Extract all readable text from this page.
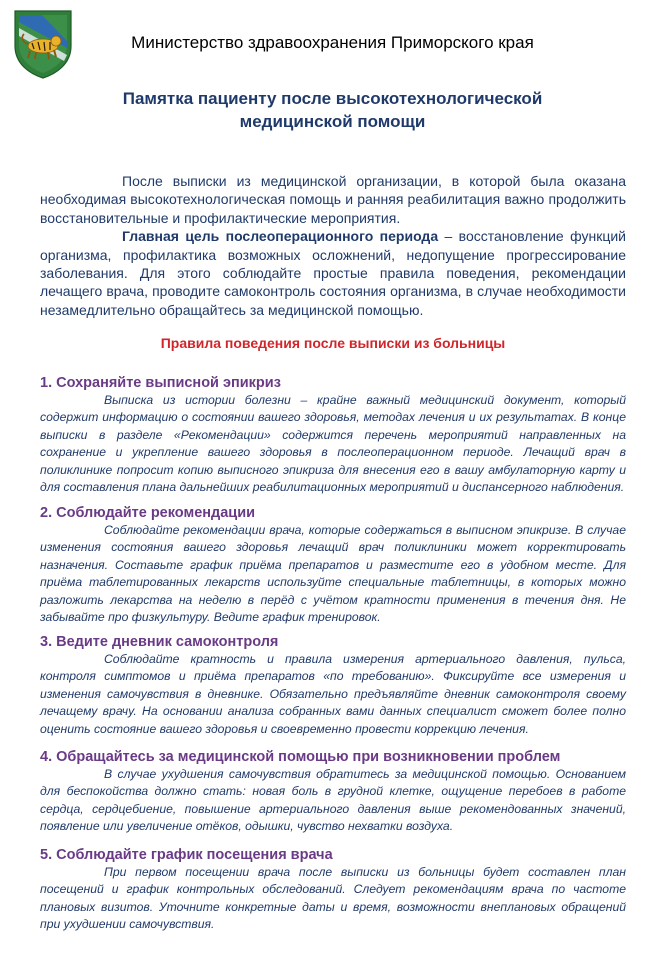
Министерство здравоохранения Приморского края
Памятка пациенту после высокотехнологической
медицинской помощи

После выписки из медицинской организации, в которой была оказана необходимая высокотехнологическая помощь и ранняя реабилитация важно продолжить восстановительные и профилактические мероприятия.

Главная цель послеоперационного периода – восстановление функций организма, профилактика возможных осложнений, недопущение прогрессирование заболевания. Для этого соблюдайте простые правила поведения, рекомендации лечащего врача, проводите самоконтроль состояния организма, в случае необходимости незамедлительно обращайтесь за медицинской помощью.

Правила поведения после выписки из больницы
1. Сохраняйте выписной эпикриз

Выписка из истории болезни – крайне важный медицинский документ, который содержит информацию о состоянии вашего здоровья, методах лечения и их результатах. В конце выписки в разделе «Рекомендации» содержится перечень мероприятий направленных на сохранение и укрепление вашего здоровья в послеоперационном периоде. Лечащий врач в поликлинике попросит копию выписного эпикриза для внесения его в вашу амбулаторную карту и для составления плана дальнейших реабилитационных мероприятий и диспансерного наблюдения.

2. Соблюдайте рекомендации

Соблюдайте рекомендации врача, которые содержаться в выписном эпикризе. В случае изменения состояния вашего здоровья лечащий врач поликлиники может корректировать назначения. Составьте график приёма препаратов и разместите его в удобном месте. Для приёма таблетированных лекарств используйте специальные таблетницы, в которых можно разложить лекарства на неделю в перёд с учётом кратности применения в течения дня. Не забывайте про физкультуру. Ведите график тренировок.

3. Ведите дневник самоконтроля

Соблюдайте кратность и правила измерения артериального давления, пульса, контроля симптомов и приёма препаратов «по требованию». Фиксируйте все измерения и изменения самочувствия в дневнике. Обязательно предъявляйте дневник самоконтроля своему лечащему врачу. На основании анализа собранных вами данных специалист сможет более полно оценить состояние вашего здоровья и своевременно провести коррекцию лечения.

4. Обращайтесь за медицинской помощью при возникновении проблем

В случае ухудшения самочувствия обратитесь за медицинской помощью. Основанием для беспокойства должно стать: новая боль в грудной клетке, ощущение перебоев в работе сердца, сердцебиение, повышение артериального давления выше рекомендованных значений, появление или увеличение отёков, одышки, чувство нехватки воздуха.

5. Соблюдайте график посещения врача

При первом посещении врача после выписки из больницы будет составлен план посещений и график контрольных обследований. Следует рекомендациям врача по частоте плановых визитов. Уточните конкретные даты и время, возможности внеплановых обращений при ухудшении самочувствия.
